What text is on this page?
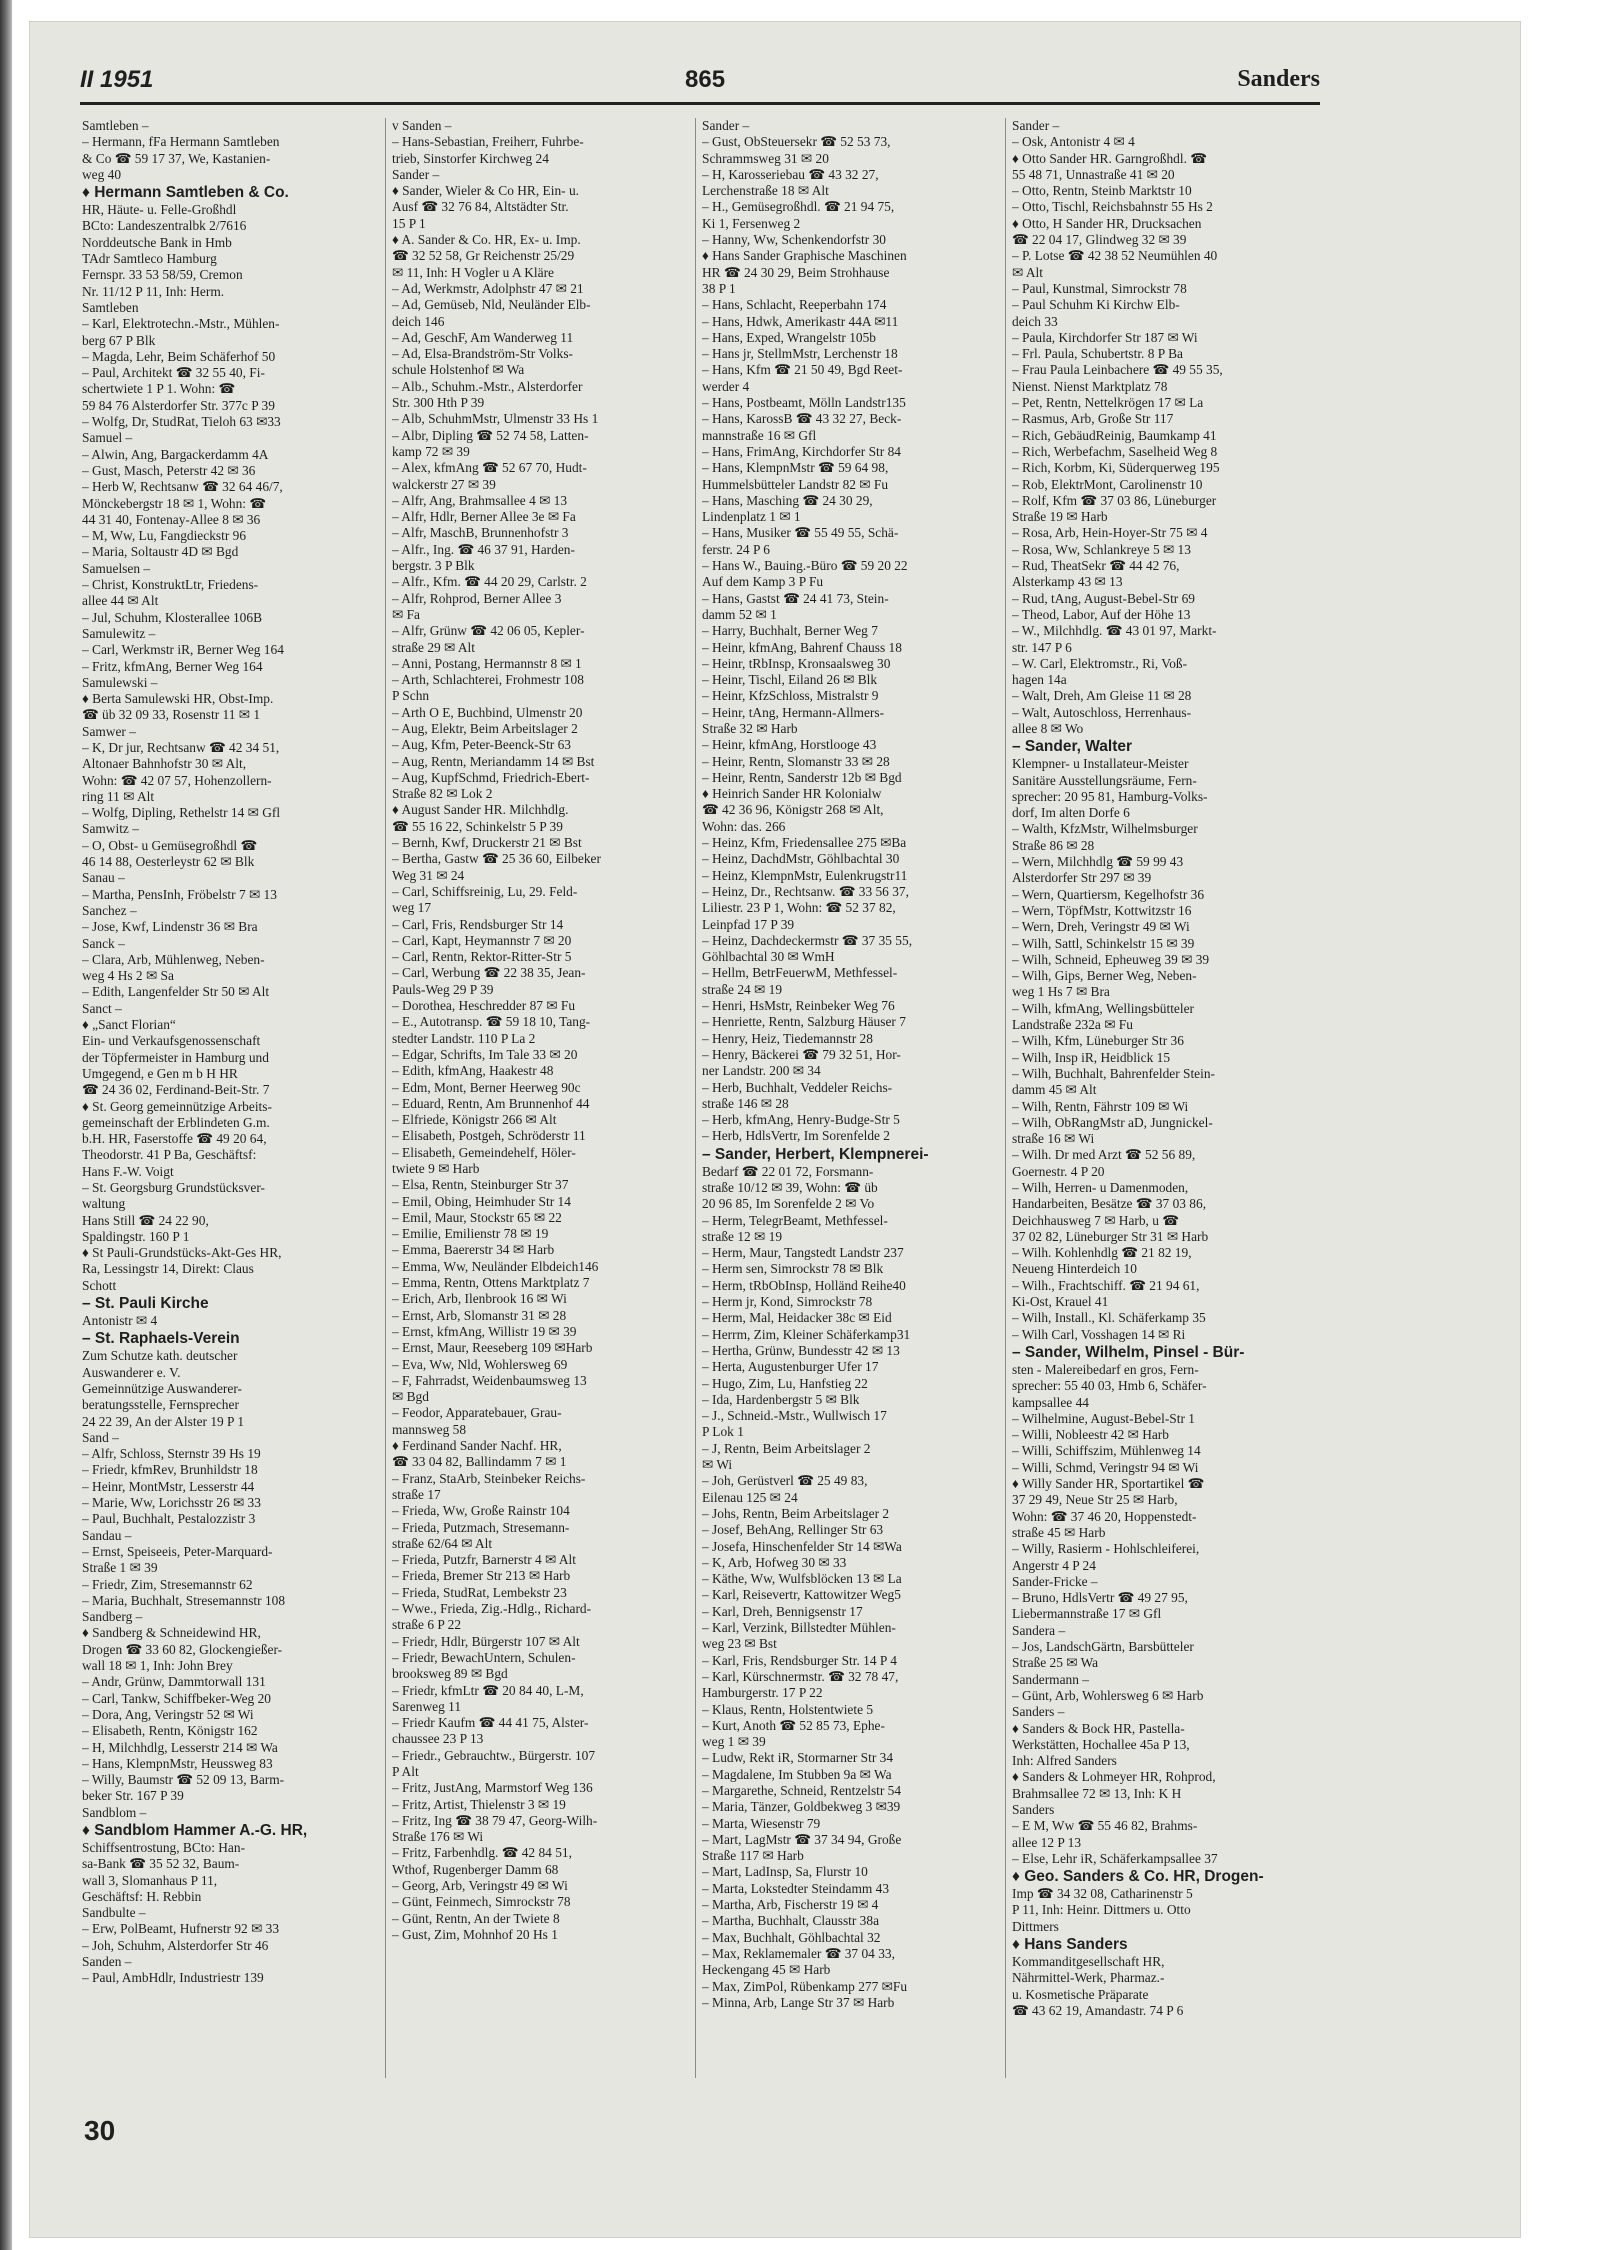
II 1951	865	Sanders
Samtleben –
– Hermann, fFa Hermann Samtleben
& Co ☎ 59 17 37, We, Kastanien-
weg 40
♦ Hermann Samtleben & Co.
HR, Häute- u. Felle-Großhdl
BCto: Landeszentralbk 2/7616
Norddeutsche Bank in Hmb
TAdr Samtleco Hamburg
Fernspr. 33 53 58/59, Cremon
Nr. 11/12 P 11, Inh: Herm.
Samtleben
– Karl, Elektrotechn.-Mstr., Mühlen-
berg 67 P Blk
– Magda, Lehr, Beim Schäferhof 50
– Paul, Architekt ☎ 32 55 40, Fi-
schertwiete 1 P 1. Wohn: ☎
59 84 76 Alsterdorfer Str. 377c P 39
– Wolfg, Dr, StudRat, Tieloh 63 ✉33
Samuel –
– Alwin, Ang, Bargackerdamm 4A
– Gust, Masch, Peterstr 42 ✉ 36
– Herb W, Rechtsanw ☎ 32 64 46/7,
Mönckebergstr 18 ✉ 1, Wohn: ☎
44 31 40, Fontenay-Allee 8 ✉ 36
– M, Ww, Lu, Fangdieckstr 96
– Maria, Soltaustr 4D ✉ Bgd
Samuelsen –
– Christ, KonstruktLtr, Friedens-
allee 44 ✉ Alt
– Jul, Schuhm, Klosterallee 106B
Samulewitz –
– Carl, Werkmstr iR, Berner Weg 164
– Fritz, kfmAng, Berner Weg 164
Samulewski –
♦ Berta Samulewski HR, Obst-Imp.
☎ üb 32 09 33, Rosenstr 11 ✉ 1
Samwer –
– K, Dr jur, Rechtsanw ☎ 42 34 51,
Altonaer Bahnhofstr 30 ✉ Alt,
Wohn: ☎ 42 07 57, Hohenzollern-
ring 11 ✉ Alt
– Wolfg, Dipling, Rethelstr 14 ✉ Gfl
Samwitz –
– O, Obst- u Gemüsegroßhdl ☎
46 14 88, Oesterleystr 62 ✉ Blk
Sanau –
– Martha, PensInh, Fröbelstr 7 ✉ 13
Sanchez –
– Jose, Kwf, Lindenstr 36 ✉ Bra
Sanck –
– Clara, Arb, Mühlenweg, Neben-
weg 4 Hs 2 ✉ Sa
– Edith, Langenfelder Str 50 ✉ Alt
Sanct –
♦ „Sanct Florian“
Ein- und Verkaufsgenossenschaft
der Töpfermeister in Hamburg und
Umgegend, e Gen m b H HR
☎ 24 36 02, Ferdinand-Beit-Str. 7
♦ St. Georg gemeinnützige Arbeits-
gemeinschaft der Erblindeten G.m.
b.H. HR, Faserstoffe ☎ 49 20 64,
Theodorstr. 41 P Ba, Geschäftsf:
Hans F.-W. Voigt
– St. Georgsburg Grundstücksver-
waltung
Hans Still ☎ 24 22 90,
Spaldingstr. 160 P 1
♦ St Pauli-Grundstücks-Akt-Ges HR,
Ra, Lessingstr 14, Direkt: Claus
Schott
– St. Pauli Kirche
Antonistr ✉ 4
– St. Raphaels-Verein
Zum Schutze kath. deutscher
Auswanderer e. V.
Gemeinnützige Auswanderer-
beratungsstelle, Fernsprecher
24 22 39, An der Alster 19 P 1
Sand –
– Alfr, Schloss, Sternstr 39 Hs 19
– Friedr, kfmRev, Brunhildstr 18
– Heinr, MontMstr, Lesserstr 44
– Marie, Ww, Lorichsstr 26 ✉ 33
– Paul, Buchhalt, Pestalozzistr 3
Sandau –
– Ernst, Speiseeis, Peter-Marquard-
Straße 1 ✉ 39
– Friedr, Zim, Stresemannstr 62
– Maria, Buchhalt, Stresemannstr 108
Sandberg –
♦ Sandberg & Schneidewind HR,
Drogen ☎ 33 60 82, Glockengießer-
wall 18 ✉ 1, Inh: John Brey
– Andr, Grünw, Dammtorwall 131
– Carl, Tankw, Schiffbeker-Weg 20
– Dora, Ang, Veringstr 52 ✉ Wi
– Elisabeth, Rentn, Königstr 162
– H, Milchhdlg, Lesserstr 214 ✉ Wa
– Hans, KlempnMstr, Heussweg 83
– Willy, Baumstr ☎ 52 09 13, Barm-
beker Str. 167 P 39
Sandblom –
♦ Sandblom Hammer A.-G. HR,
Schiffsentrostung, BCto: Han-
sa-Bank ☎ 35 52 32, Baum-
wall 3, Slomanhaus P 11,
Geschäftsf: H. Rebbin
Sandbulte –
– Erw, PolBeamt, Hufnerstr 92 ✉ 33
– Joh, Schuhm, Alsterdorfer Str 46
Sanden –
– Paul, AmbHdlr, Industriestr 139
v Sanden –
– Hans-Sebastian, Freiherr, Fuhrbe-
trieb, Sinstorfer Kirchweg 24
Sander –
♦ Sander, Wieler & Co HR, Ein- u.
Ausf ☎ 32 76 84, Altstädter Str.
15 P 1
♦ A. Sander & Co. HR, Ex- u. Imp.
☎ 32 52 58, Gr Reichenstr 25/29
✉ 11, Inh: H Vogler u A Kläre
– Ad, Werkmstr, Adolphstr 47 ✉ 21
– Ad, Gemüseb, Nld, Neuländer Elb-
deich 146
– Ad, GeschF, Am Wanderweg 11
– Ad, Elsa-Brandström-Str Volks-
schule Holstenhof ✉ Wa
– Alb., Schuhm.-Mstr., Alsterdorfer
Str. 300 Hth P 39
– Alb, SchuhmMstr, Ulmenstr 33 Hs 1
– Albr, Dipling ☎ 52 74 58, Latten-
kamp 72 ✉ 39
– Alex, kfmAng ☎ 52 67 70, Hudt-
walckerstr 27 ✉ 39
– Alfr, Ang, Brahmsallee 4 ✉ 13
– Alfr, Hdlr, Berner Allee 3e ✉ Fa
– Alfr, MaschB, Brunnenhofstr 3
– Alfr., Ing. ☎ 46 37 91, Harden-
bergstr. 3 P Blk
– Alfr., Kfm. ☎ 44 20 29, Carlstr. 2
– Alfr, Rohprod, Berner Allee 3
✉ Fa
– Alfr, Grünw ☎ 42 06 05, Kepler-
straße 29 ✉ Alt
– Anni, Postang, Hermannstr 8 ✉ 1
– Arth, Schlachterei, Frohmestr 108
P Schn
– Arth O E, Buchbind, Ulmenstr 20
– Aug, Elektr, Beim Arbeitslager 2
– Aug, Kfm, Peter-Beenck-Str 63
– Aug, Rentn, Meriandamm 14 ✉ Bst
– Aug, KupfSchmd, Friedrich-Ebert-
Straße 82 ✉ Lok 2
♦ August Sander HR. Milchhdlg.
☎ 55 16 22, Schinkelstr 5 P 39
– Bernh, Kwf, Druckerstr 21 ✉ Bst
– Bertha, Gastw ☎ 25 36 60, Eilbeker
Weg 31 ✉ 24
– Carl, Schiffsreinig, Lu, 29. Feld-
weg 17
– Carl, Fris, Rendsburger Str 14
– Carl, Kapt, Heymannstr 7 ✉ 20
– Carl, Rentn, Rektor-Ritter-Str 5
– Carl, Werbung ☎ 22 38 35, Jean-
Pauls-Weg 29 P 39
– Dorothea, Heschredder 87 ✉ Fu
– E., Autotransp. ☎ 59 18 10, Tang-
stedter Landstr. 110 P La 2
– Edgar, Schrifts, Im Tale 33 ✉ 20
– Edith, kfmAng, Haakestr 48
– Edm, Mont, Berner Heerweg 90c
– Eduard, Rentn, Am Brunnenhof 44
– Elfriede, Königstr 266 ✉ Alt
– Elisabeth, Postgeh, Schröderstr 11
– Elisabeth, Gemeindehelf, Höler-
twiete 9 ✉ Harb
– Elsa, Rentn, Steinburger Str 37
– Emil, Obing, Heimhuder Str 14
– Emil, Maur, Stockstr 65 ✉ 22
– Emilie, Emilienstr 78 ✉ 19
– Emma, Baererstr 34 ✉ Harb
– Emma, Ww, Neuländer Elbdeich146
– Emma, Rentn, Ottens Marktplatz 7
– Erich, Arb, Ilenbrook 16 ✉ Wi
– Ernst, Arb, Slomanstr 31 ✉ 28
– Ernst, kfmAng, Willistr 19 ✉ 39
– Ernst, Maur, Reeseberg 109 ✉Harb
– Eva, Ww, Nld, Wohlersweg 69
– F, Fahrradst, Weidenbaumsweg 13
✉ Bgd
– Feodor, Apparatebauer, Grau-
mannsweg 58
♦ Ferdinand Sander Nachf. HR,
☎ 33 04 82, Ballindamm 7 ✉ 1
– Franz, StaArb, Steinbeker Reichs-
straße 17
– Frieda, Ww, Große Rainstr 104
– Frieda, Putzmach, Stresemann-
straße 62/64 ✉ Alt
– Frieda, Putzfr, Barnerstr 4 ✉ Alt
– Frieda, Bremer Str 213 ✉ Harb
– Frieda, StudRat, Lembekstr 23
– Wwe., Frieda, Zig.-Hdlg., Richard-
straße 6 P 22
– Friedr, Hdlr, Bürgerstr 107 ✉ Alt
– Friedr, BewachUntern, Schulen-
brooksweg 89 ✉ Bgd
– Friedr, kfmLtr ☎ 20 84 40, L-M,
Sarenweg 11
– Friedr Kaufm ☎ 44 41 75, Alster-
chaussee 23 P 13
– Friedr., Gebrauchtw., Bürgerstr. 107
P Alt
– Fritz, JustAng, Marmstorf Weg 136
– Fritz, Artist, Thielenstr 3 ✉ 19
– Fritz, Ing ☎ 38 79 47, Georg-Wilh-
Straße 176 ✉ Wi
– Fritz, Farbenhdlg. ☎ 42 84 51,
Wthof, Rugenberger Damm 68
– Georg, Arb, Veringstr 49 ✉ Wi
– Günt, Feinmech, Simrockstr 78
– Günt, Rentn, An der Twiete 8
– Gust, Zim, Mohnhof 20 Hs 1
Sander –
– Gust, ObSteuersekr ☎ 52 53 73,
Schrammsweg 31 ✉ 20
– H, Karosseriebau ☎ 43 32 27,
Lerchenstraße 18 ✉ Alt
– H., Gemüsegroßhdl. ☎ 21 94 75,
Ki 1, Fersenweg 2
– Hanny, Ww, Schenkendorfstr 30
♦ Hans Sander Graphische Maschinen
HR ☎ 24 30 29, Beim Strohhause
38 P 1
– Hans, Schlacht, Reeperbahn 174
– Hans, Hdwk, Amerikastr 44A ✉11
– Hans, Exped, Wrangelstr 105b
– Hans jr, StellmMstr, Lerchenstr 18
– Hans, Kfm ☎ 21 50 49, Bgd Reet-
werder 4
– Hans, Postbeamt, Mölln Landstr135
– Hans, KarossB ☎ 43 32 27, Beck-
mannstraße 16 ✉ Gfl
– Hans, FrimAng, Kirchdorfer Str 84
– Hans, KlempnMstr ☎ 59 64 98,
Hummelsbütteler Landstr 82 ✉ Fu
– Hans, Masching ☎ 24 30 29,
Lindenplatz 1 ✉ 1
– Hans, Musiker ☎ 55 49 55, Schä-
ferstr. 24 P 6
– Hans W., Bauing.-Büro ☎ 59 20 22
Auf dem Kamp 3 P Fu
– Hans, Gastst ☎ 24 41 73, Stein-
damm 52 ✉ 1
– Harry, Buchhalt, Berner Weg 7
– Heinr, kfmAng, Bahrenf Chauss 18
– Heinr, tRbInsp, Kronsaalsweg 30
– Heinr, Tischl, Eiland 26 ✉ Blk
– Heinr, KfzSchloss, Mistralstr 9
– Heinr, tAng, Hermann-Allmers-
Straße 32 ✉ Harb
– Heinr, kfmAng, Horstlooge 43
– Heinr, Rentn, Slomanstr 33 ✉ 28
– Heinr, Rentn, Sanderstr 12b ✉ Bgd
♦ Heinrich Sander HR Kolonialw
☎ 42 36 96, Königstr 268 ✉ Alt,
Wohn: das. 266
– Heinz, Kfm, Friedensallee 275 ✉Ba
– Heinz, DachdMstr, Göhlbachtal 30
– Heinz, KlempnMstr, Eulenkrugstr11
– Heinz, Dr., Rechtsanw. ☎ 33 56 37,
Liliestr. 23 P 1, Wohn: ☎ 52 37 82,
Leinpfad 17 P 39
– Heinz, Dachdeckermstr ☎ 37 35 55,
Göhlbachtal 30 ✉ WmH
– Hellm, BetrFeuerwM, Methfessel-
straße 24 ✉ 19
– Henri, HsMstr, Reinbeker Weg 76
– Henriette, Rentn, Salzburg Häuser 7
– Henry, Heiz, Tiedemannstr 28
– Henry, Bäckerei ☎ 79 32 51, Hor-
ner Landstr. 200 ✉ 34
– Herb, Buchhalt, Veddeler Reichs-
straße 146 ✉ 28
– Herb, kfmAng, Henry-Budge-Str 5
– Herb, HdlsVertr, Im Sorenfelde 2
– Sander, Herbert, Klempnerei-
Bedarf ☎ 22 01 72, Forsmann-
straße 10/12 ✉ 39, Wohn: ☎ üb
20 96 85, Im Sorenfelde 2 ✉ Vo
– Herm, TelegrBeamt, Methfessel-
straße 12 ✉ 19
– Herm, Maur, Tangstedt Landstr 237
– Herm sen, Simrockstr 78 ✉ Blk
– Herm, tRbObInsp, Holländ Reihe40
– Herm jr, Kond, Simrockstr 78
– Herm, Mal, Heidacker 38c ✉ Eid
– Herrm, Zim, Kleiner Schäferkamp31
– Hertha, Grünw, Bundesstr 42 ✉ 13
– Herta, Augustenburger Ufer 17
– Hugo, Zim, Lu, Hanfstieg 22
– Ida, Hardenbergstr 5 ✉ Blk
– J., Schneid.-Mstr., Wullwisch 17
P Lok 1
– J, Rentn, Beim Arbeitslager 2
✉ Wi
– Joh, Gerüstverl ☎ 25 49 83,
Eilenau 125 ✉ 24
– Johs, Rentn, Beim Arbeitslager 2
– Josef, BehAng, Rellinger Str 63
– Josefa, Hinschenfelder Str 14 ✉Wa
– K, Arb, Hofweg 30 ✉ 33
– Käthe, Ww, Wulfsblöcken 13 ✉ La
– Karl, Reisevertr, Kattowitzer Weg5
– Karl, Dreh, Bennigsenstr 17
– Karl, Verzink, Billstedter Mühlen-
weg 23 ✉ Bst
– Karl, Fris, Rendsburger Str. 14 P 4
– Karl, Kürschnermstr. ☎ 32 78 47,
Hamburgerstr. 17 P 22
– Klaus, Rentn, Holstentwiete 5
– Kurt, Anoth ☎ 52 85 73, Ephe-
weg 1 ✉ 39
– Ludw, Rekt iR, Stormarner Str 34
– Magdalene, Im Stubben 9a ✉ Wa
– Margarethe, Schneid, Rentzelstr 54
– Maria, Tänzer, Goldbekweg 3 ✉39
– Marta, Wiesenstr 79
– Mart, LagMstr ☎ 37 34 94, Große
Straße 117 ✉ Harb
– Mart, LadInsp, Sa, Flurstr 10
– Marta, Lokstedter Steindamm 43
– Martha, Arb, Fischerstr 19 ✉ 4
– Martha, Buchhalt, Clausstr 38a
– Max, Buchhalt, Göhlbachtal 32
– Max, Reklamemaler ☎ 37 04 33,
Heckengang 45 ✉ Harb
– Max, ZimPol, Rübenkamp 277 ✉Fu
– Minna, Arb, Lange Str 37 ✉ Harb
Sander –
– Osk, Antonistr 4 ✉ 4
♦ Otto Sander HR. Garngroßhdl. ☎
55 48 71, Unnastraße 41 ✉ 20
– Otto, Rentn, Steinb Marktstr 10
– Otto, Tischl, Reichsbahnstr 55 Hs 2
♦ Otto, H Sander HR, Drucksachen
☎ 22 04 17, Glindweg 32 ✉ 39
– P. Lotse ☎ 42 38 52 Neumühlen 40
✉ Alt
– Paul, Kunstmal, Simrockstr 78
– Paul Schuhm Ki Kirchw Elb-
deich 33
– Paula, Kirchdorfer Str 187 ✉ Wi
– Frl. Paula, Schubertstr. 8 P Ba
– Frau Paula Leinbachere ☎ 49 55 35,
Nienst. Nienst Marktplatz 78
– Pet, Rentn, Nettelkrögen 17 ✉ La
– Rasmus, Arb, Große Str 117
– Rich, GebäudReinig, Baumkamp 41
– Rich, Werbefachm, Saselheid Weg 8
– Rich, Korbm, Ki, Süderquerweg 195
– Rob, ElektrMont, Carolinenstr 10
– Rolf, Kfm ☎ 37 03 86, Lüneburger
Straße 19 ✉ Harb
– Rosa, Arb, Hein-Hoyer-Str 75 ✉ 4
– Rosa, Ww, Schlankreye 5 ✉ 13
– Rud, TheatSekr ☎ 44 42 76,
Alsterkamp 43 ✉ 13
– Rud, tAng, August-Bebel-Str 69
– Theod, Labor, Auf der Höhe 13
– W., Milchhdlg. ☎ 43 01 97, Markt-
str. 147 P 6
– W. Carl, Elektromstr., Ri, Voß-
hagen 14a
– Walt, Dreh, Am Gleise 11 ✉ 28
– Walt, Autoschloss, Herrenhaus-
allee 8 ✉ Wo
– Sander, Walter
Klempner- u Installateur-Meister
Sanitäre Ausstellungsräume, Fern-
sprecher: 20 95 81, Hamburg-Volks-
dorf, Im alten Dorfe 6
– Walth, KfzMstr, Wilhelmsburger
Straße 86 ✉ 28
– Wern, Milchhdlg ☎ 59 99 43
Alsterdorfer Str 297 ✉ 39
– Wern, Quartiersm, Kegelhofstr 36
– Wern, TöpfMstr, Kottwitzstr 16
– Wern, Dreh, Veringstr 49 ✉ Wi
– Wilh, Sattl, Schinkelstr 15 ✉ 39
– Wilh, Schneid, Epheuweg 39 ✉ 39
– Wilh, Gips, Berner Weg, Neben-
weg 1 Hs 7 ✉ Bra
– Wilh, kfmAng, Wellingsbütteler
Landstraße 232a ✉ Fu
– Wilh, Kfm, Lüneburger Str 36
– Wilh, Insp iR, Heidblick 15
– Wilh, Buchhalt, Bahrenfelder Stein-
damm 45 ✉ Alt
– Wilh, Rentn, Fährstr 109 ✉ Wi
– Wilh, ObRangMstr aD, Jungnickel-
straße 16 ✉ Wi
– Wilh. Dr med Arzt ☎ 52 56 89,
Goernestr. 4 P 20
– Wilh, Herren- u Damenmoden,
Handarbeiten, Besätze ☎ 37 03 86,
Deichhausweg 7 ✉ Harb, u ☎
37 02 82, Lüneburger Str 31 ✉ Harb
– Wilh. Kohlenhdlg ☎ 21 82 19,
Neueng Hinterdeich 10
– Wilh., Frachtschiff. ☎ 21 94 61,
Ki-Ost, Krauel 41
– Wilh, Install., Kl. Schäferkamp 35
– Wilh Carl, Vosshagen 14 ✉ Ri
– Sander, Wilhelm, Pinsel - Bür-
sten - Malereibedarf en gros, Fern-
sprecher: 55 40 03, Hmb 6, Schäfer-
kampsallee 44
– Wilhelmine, August-Bebel-Str 1
– Willi, Nobleestr 42 ✉ Harb
– Willi, Schiffszim, Mühlenweg 14
– Willi, Schmd, Veringstr 94 ✉ Wi
♦ Willy Sander HR, Sportartikel ☎
37 29 49, Neue Str 25 ✉ Harb,
Wohn: ☎ 37 46 20, Hoppenstedt-
straße 45 ✉ Harb
– Willy, Rasierm - Hohlschleiferei,
Angerstr 4 P 24
Sander-Fricke –
– Bruno, HdlsVertr ☎ 49 27 95,
Liebermannstraße 17 ✉ Gfl
Sandera –
– Jos, LandschGärtn, Barsbütteler
Straße 25 ✉ Wa
Sandermann –
– Günt, Arb, Wohlersweg 6 ✉ Harb
Sanders –
♦ Sanders & Bock HR, Pastella-
Werkstätten, Hochallee 45a P 13,
Inh: Alfred Sanders
♦ Sanders & Lohmeyer HR, Rohprod,
Brahmsallee 72 ✉ 13, Inh: K H
Sanders
– E M, Ww ☎ 55 46 82, Brahms-
allee 12 P 13
– Else, Lehr iR, Schäferkampsallee 37
♦ Geo. Sanders & Co. HR, Drogen-
Imp ☎ 34 32 08, Catharinenstr 5
P 11, Inh: Heinr. Dittmers u. Otto
Dittmers
♦ Hans Sanders
Kommanditgesellschaft HR,
Nährmittel-Werk, Pharmaz.-
u. Kosmetische Präparate
☎ 43 62 19, Amandastr. 74 P 6
30
